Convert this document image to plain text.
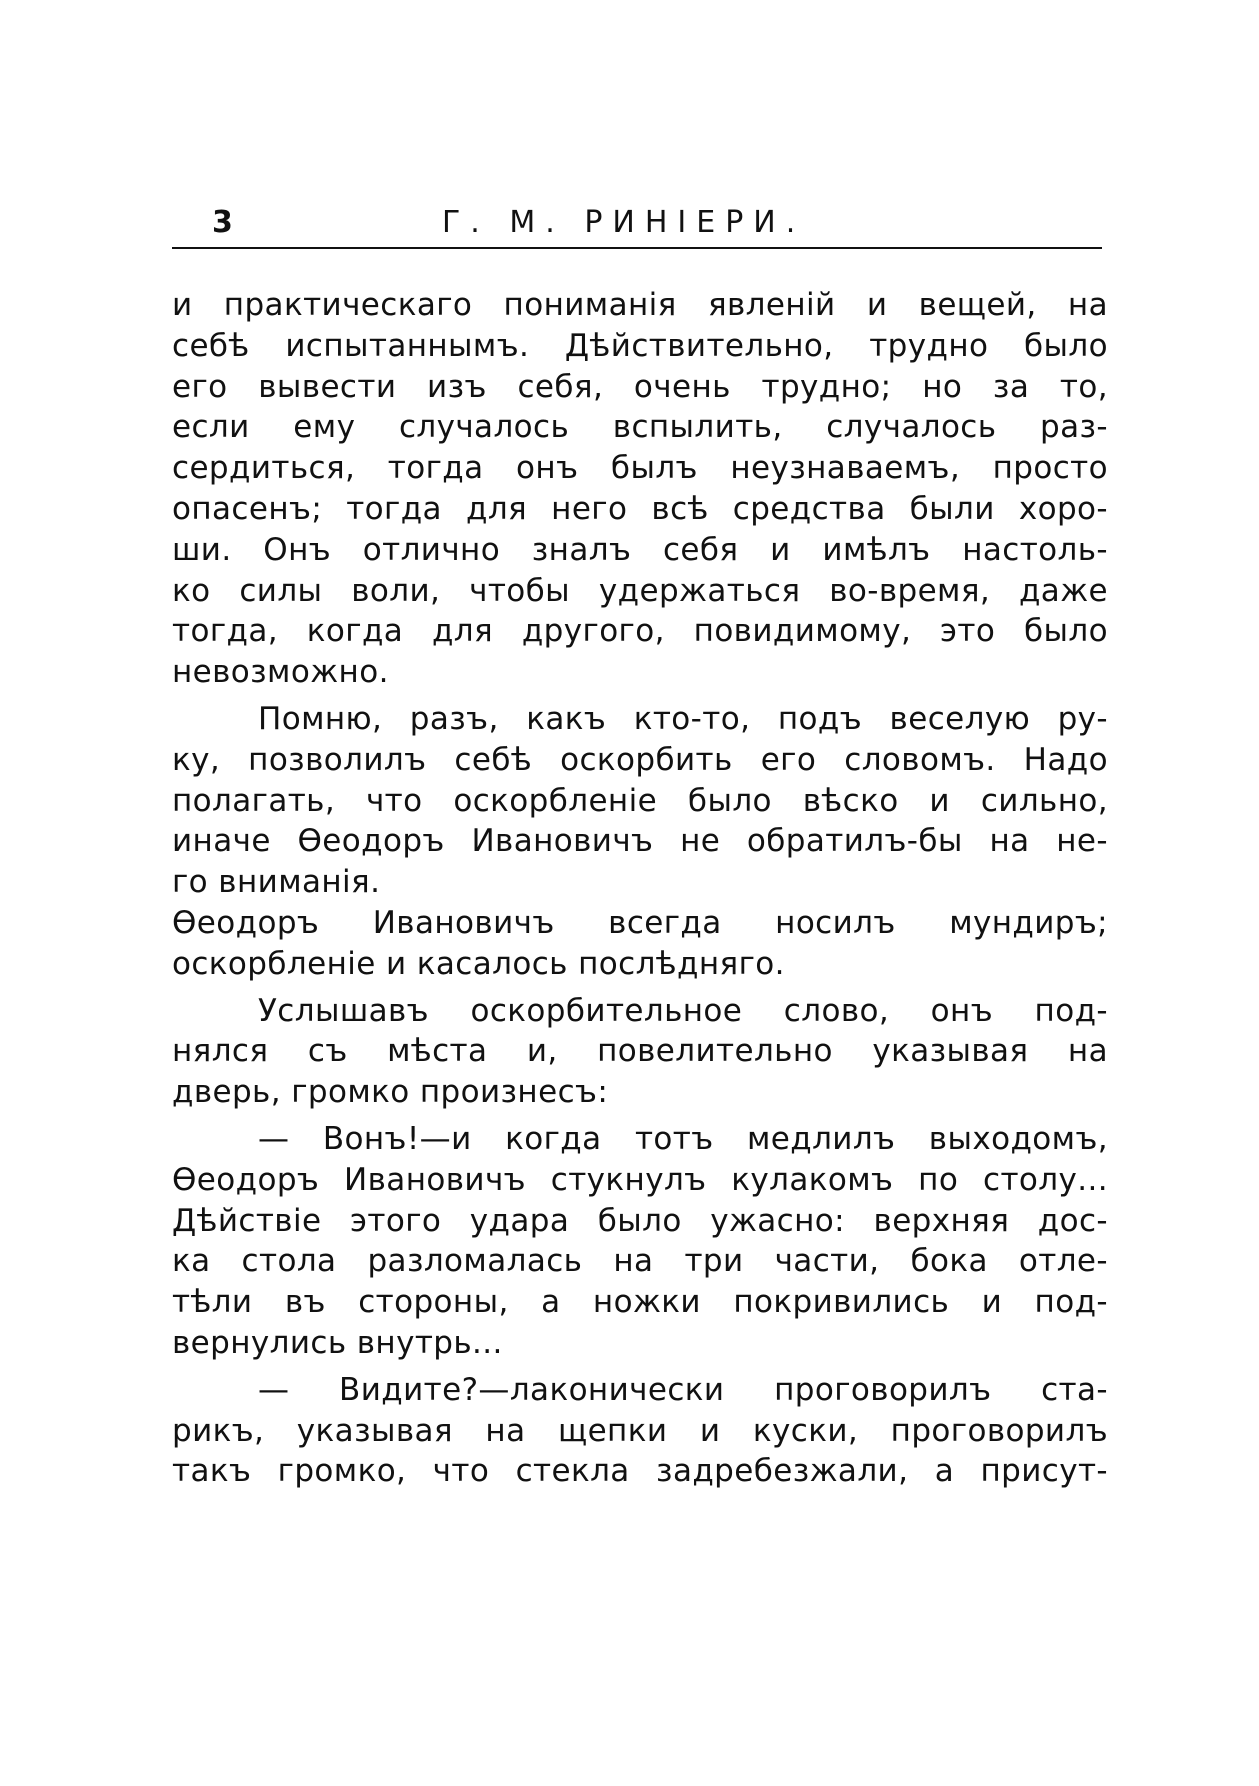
3	Г. М. РИНІЕРИ.
и практическаго пониманія явленій и вещей, на
себѣ испытаннымъ. Дѣйствительно, трудно было
его вывести изъ себя, очень трудно; но за то,
если ему случалось вспылить, случалось раз-
сердиться, тогда онъ былъ неузнаваемъ, просто
опасенъ; тогда для него всѣ средства были хоро-
ши. Онъ отлично зналъ себя и имѣлъ настоль-
ко силы воли, чтобы удержаться во-время, даже
тогда, когда для другого, повидимому, это было
невозможно.
Помню, разъ, какъ кто-то, подъ веселую ру-
ку, позволилъ себѣ оскорбить его словомъ. Надо
полагать, что оскорбленіе было вѣско и сильно,
иначе Өеодоръ Ивановичъ не обратилъ-бы на не-
го вниманія.
Өеодоръ Ивановичъ всегда носилъ мундиръ;
оскорбленіе и касалось послѣдняго.
Услышавъ оскорбительное слово, онъ под-
нялся съ мѣста и, повелительно указывая на
дверь, громко произнесъ:
— Вонъ!—и когда тотъ медлилъ выходомъ,
Өеодоръ Ивановичъ стукнулъ кулакомъ по столу...
Дѣйствіе этого удара было ужасно: верхняя дос-
ка стола разломалась на три части, бока отле-
тѣли въ стороны, а ножки покривились и под-
вернулись внутрь...
— Видите?—лаконически проговорилъ ста-
рикъ, указывая на щепки и куски, проговорилъ
такъ громко, что стекла задребезжали, а присут-
